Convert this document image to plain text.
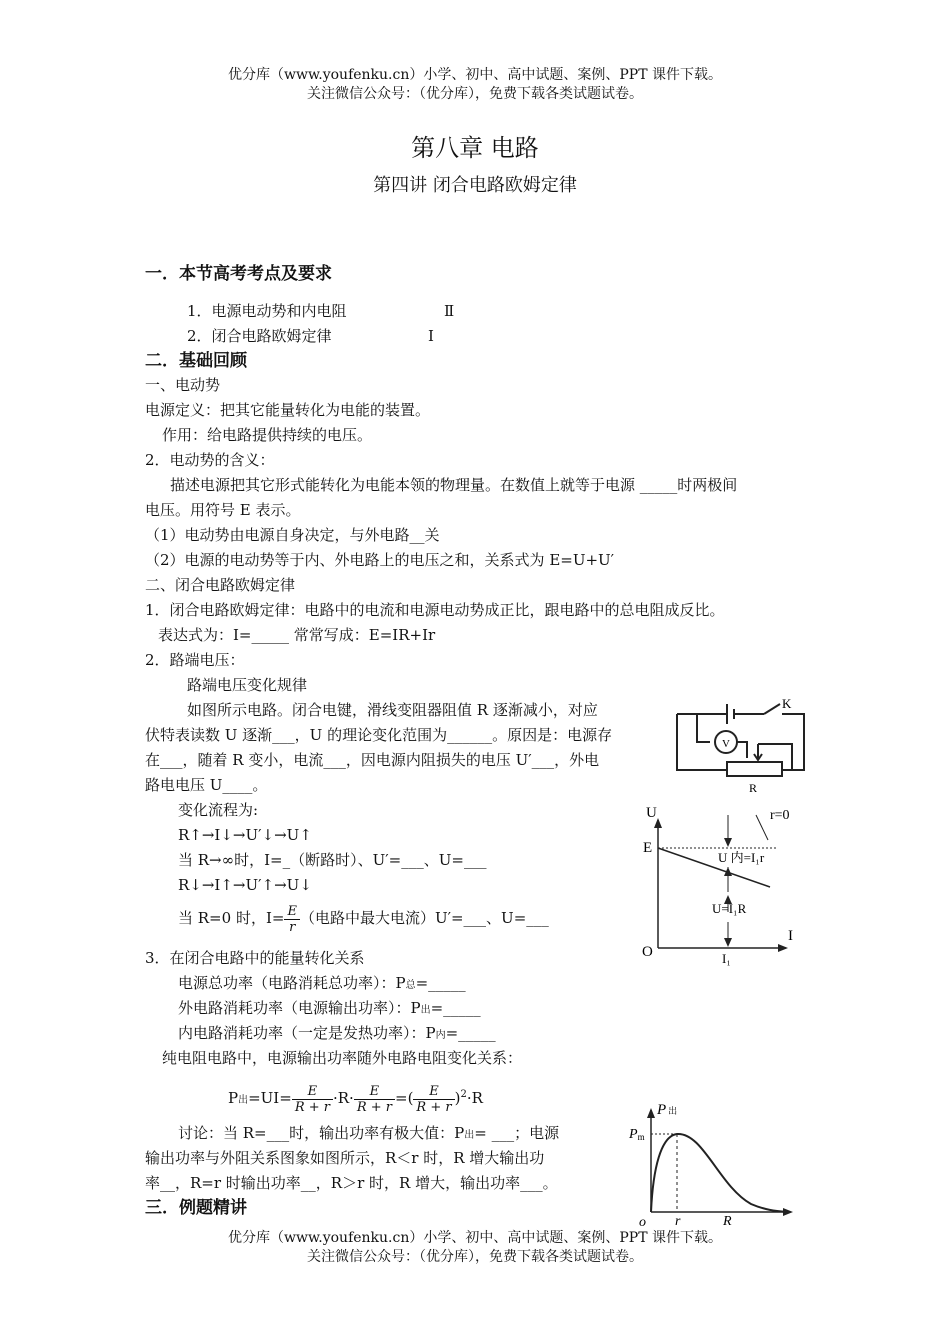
优分库（www.youfenku.cn）小学、初中、高中试题、案例、PPT 课件下载。
关注微信公众号：（优分库），免费下载各类试题试卷。
第八章 电路
第四讲 闭合电路欧姆定律
一．本节高考考点及要求
1．电源电动势和内电阻	Ⅱ
2．闭合电路欧姆定律	Ⅰ
二．基础回顾
一、电动势
电源定义：把其它能量转化为电能的装置。
作用：给电路提供持续的电压。
2．电动势的含义：
描述电源把其它形式能转化为电能本领的物理量。在数值上就等于电源 _____时两极间
电压。用符号 E 表示。
（1）电动势由电源自身决定，与外电路__关
（2）电源的电动势等于内、外电路上的电压之和，关系式为 E=U+U′
二、闭合电路欧姆定律
1．闭合电路欧姆定律：电路中的电流和电源电动势成正比，跟电路中的总电阻成反比。
表达式为：I=_____ 常常写成：E=IR+Ir
2．路端电压：
路端电压变化规律
如图所示电路。闭合电键，滑线变阻器阻值 R 逐渐减小，对应
伏特表读数 U 逐渐___，U 的理论变化范围为______。原因是：电源存
在___，随着 R 变小，电流___，因电源内阻损失的电压 U′___，外电
路电电压 U____。
变化流程为:
R↑→I↓→U′↓→U↑
当 R→∞时，I=_（断路时）、U′=___、U=___
R↓→I↑→U′↑→U↓
当 R=0 时，$I= \frac{E}{r}$ （电路中最大电流）U′=___、U=___
3．在闭合电路中的能量转化关系
电源总功率（电路消耗总功率）：P总=_____
外电路消耗功率（电源输出功率）：P出=_____
内电路消耗功率（一定是发热功率）：P内=_____
纯电阻电路中，电源输出功率随外电路电阻变化关系：
P出$=UI= \frac{E}{R + r} \cdot R\cdot \frac{E}{R + r}$ =( $\frac{E}{R + r} )^2\cdot R$
讨论：当 R=___时，输出功率有极大值：P出= ___；电源
输出功率与外阻关系图象如图所示，R＜r 时，R 增大输出功
率__，R=r 时输出功率__，R＞r 时，R 增大，输出功率___。
三．例题精讲
优分库（www.youfenku.cn）小学、初中、高中试题、案例、PPT 课件下载。
关注微信公众号：（优分库），免费下载各类试题试卷。
K
V
R
U
I
O
E
r=0
U 内=I₁r
U=I₁R
I₁
P出
Pm
o r	R
